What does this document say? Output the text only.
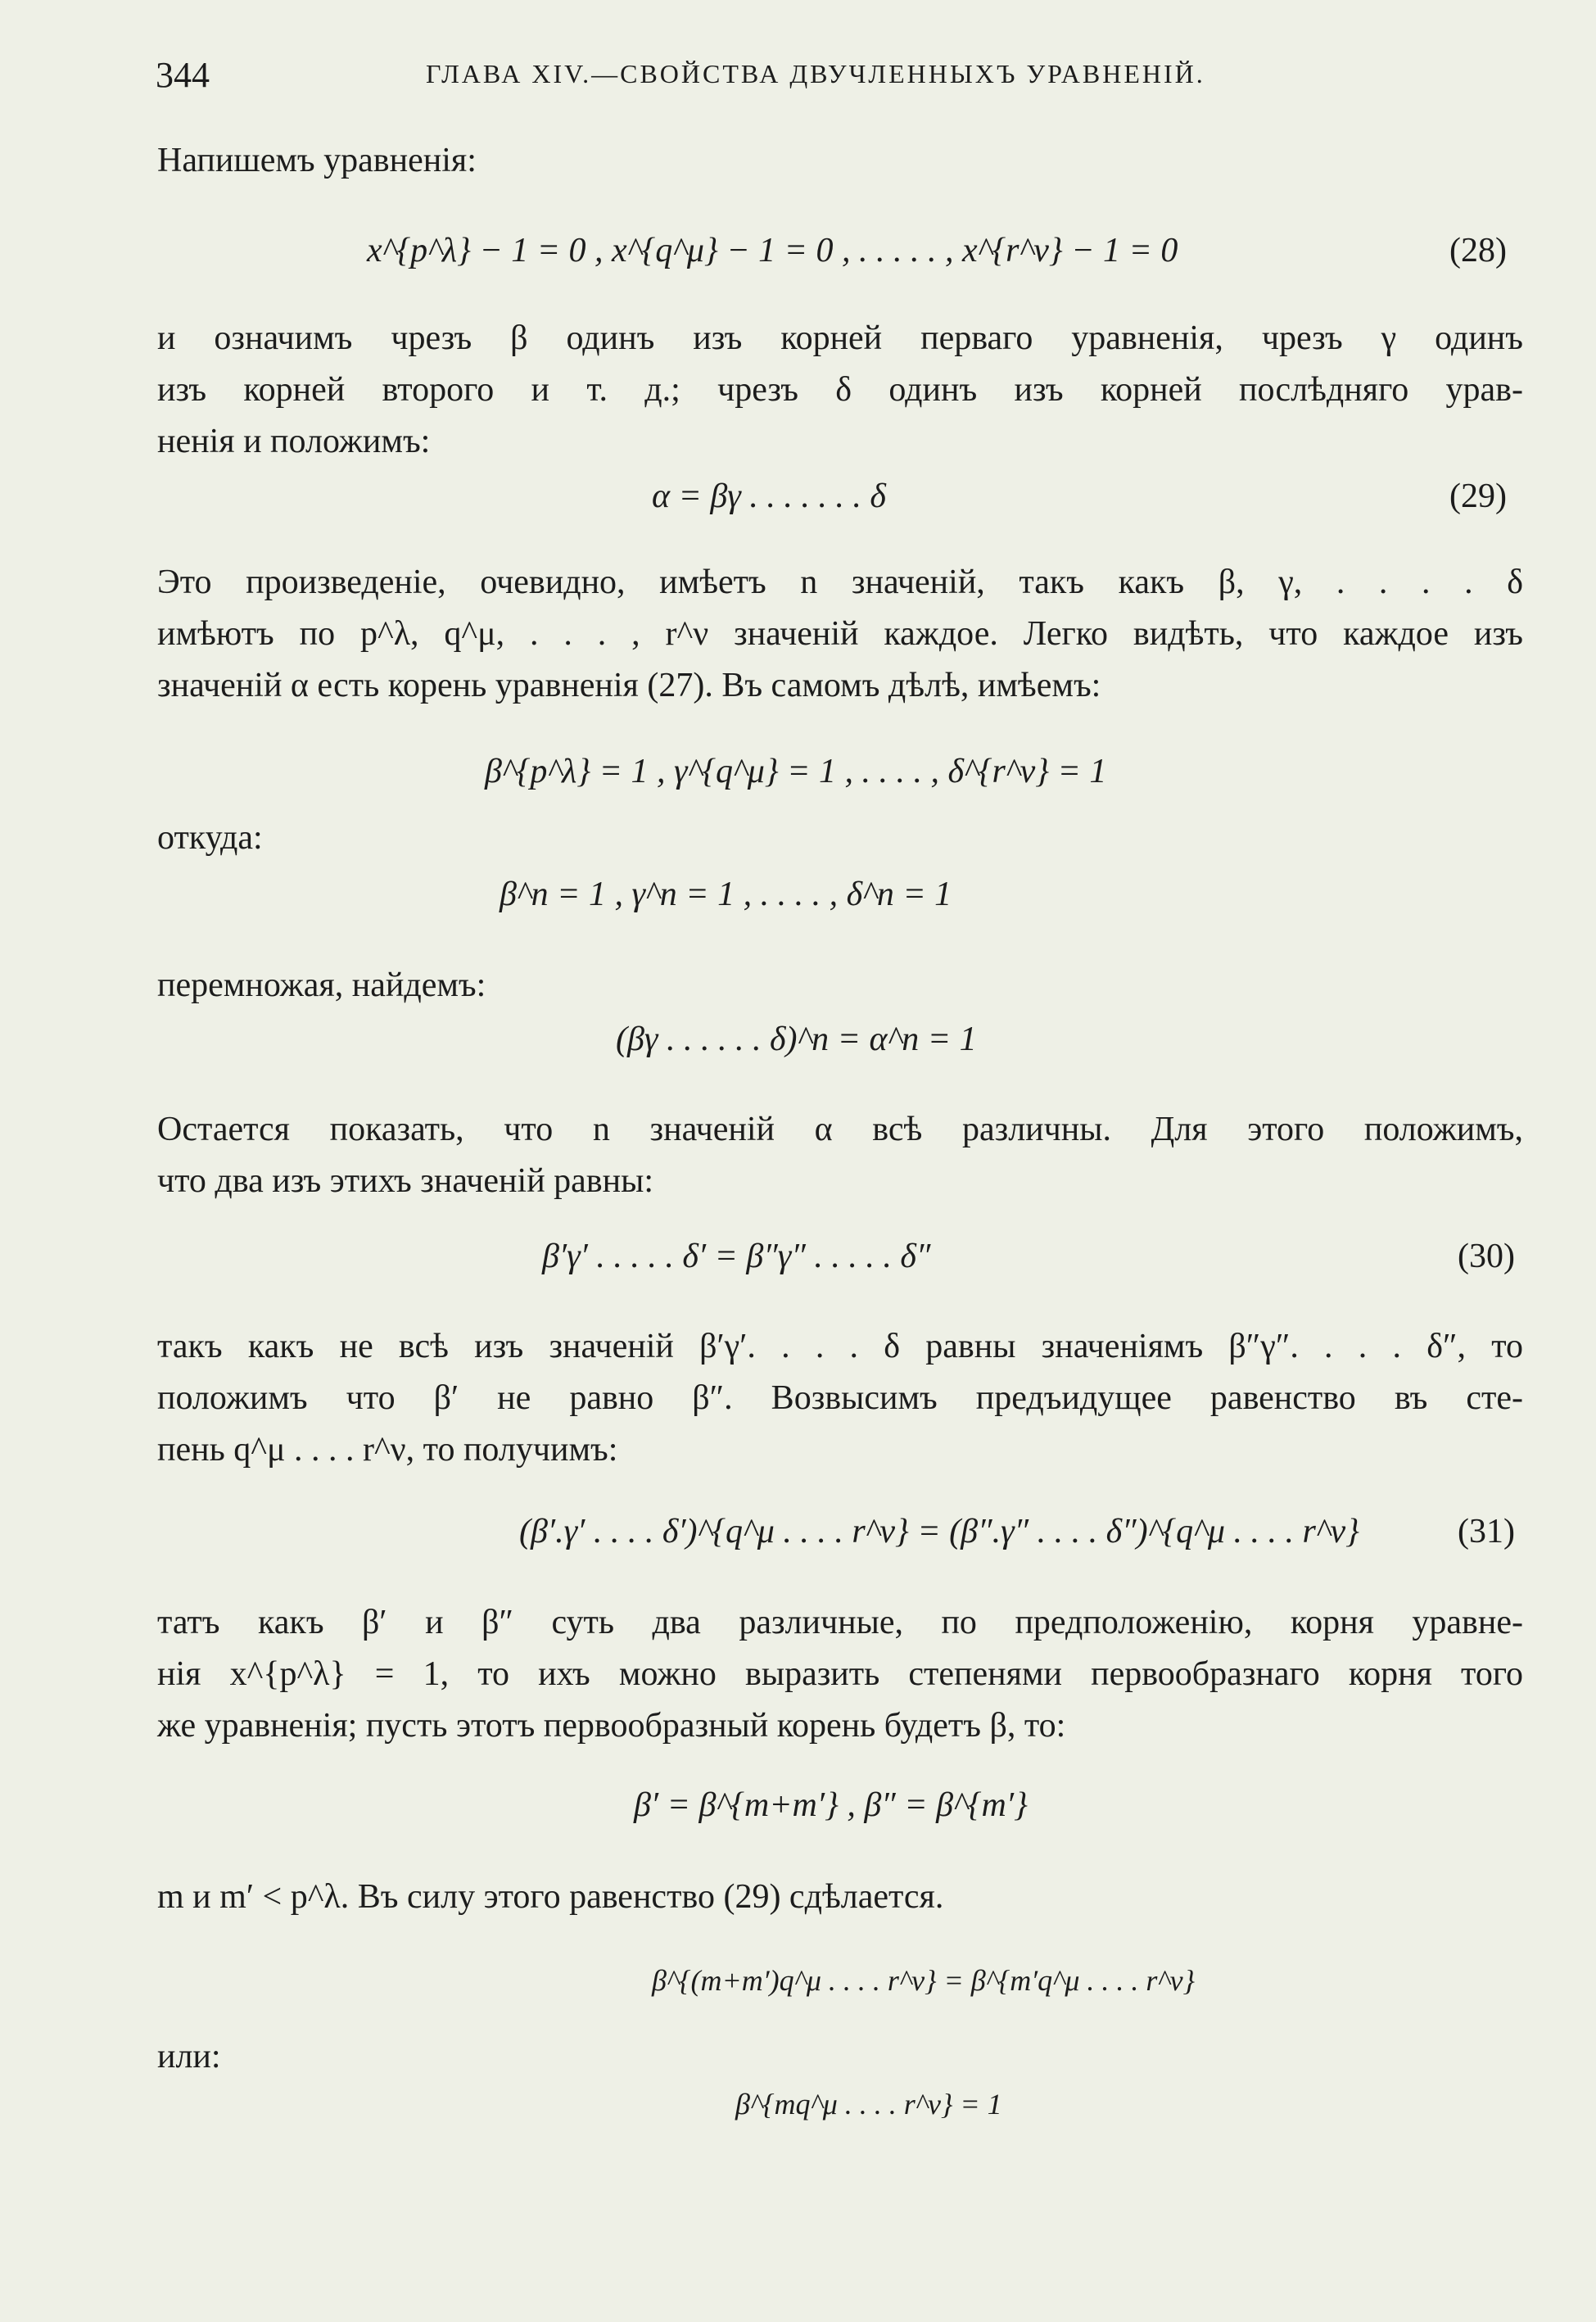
344	ГЛАВА XIV.—СВОЙСТВА ДВУЧЛЕННЫХЪ УРАВНЕНІЙ.
Напишемъ уравненія:
x^{p^λ} − 1 = 0 , x^{q^μ} − 1 = 0 , . . . . . , x^{r^ν} − 1 = 0	(28)
и означимъ чрезъ β одинъ изъ корней перваго уравненія, чрезъ γ одинъ
изъ корней второго и т. д.; чрезъ δ одинъ изъ корней послѣдняго урав-
ненія и положимъ:
α = βγ . . . . . . . δ	(29)
Это произведеніе, очевидно, имѣетъ n значеній, такъ какъ β, γ, . . . . δ
имѣютъ по p^λ, q^μ, . . . , r^ν значеній каждое. Легко видѣть, что каждое изъ
значеній α есть корень уравненія (27). Въ самомъ дѣлѣ, имѣемъ:
β^{p^λ} = 1 , γ^{q^μ} = 1 , . . . . , δ^{r^ν} = 1
откуда:
β^n = 1 , γ^n = 1 , . . . . , δ^n = 1
перемножая, найдемъ:
(βγ . . . . . . δ)^n = α^n = 1
Остается показать, что n значеній α всѣ различны. Для этого положимъ,
что два изъ этихъ значеній равны:
β′γ′ . . . . . δ′ = β″γ″ . . . . . δ″	(30)
такъ какъ не всѣ изъ значеній β′γ′. . . . δ равны значеніямъ β″γ″. . . . δ″, то
положимъ что β′ не равно β″. Возвысимъ предъидущее равенство въ сте-
пень q^μ . . . . r^ν, то получимъ:
(β′.γ′ . . . . δ′)^{q^μ . . . . r^ν} = (β″.γ″ . . . . δ″)^{q^μ . . . . r^ν}	(31)
татъ какъ β′ и β″ суть два различные, по предположенію, корня уравне-
нія x^{p^λ} = 1, то ихъ можно выразить степенями первообразнаго корня того
же уравненія; пусть этотъ первообразный корень будетъ β, то:
β′ = β^{m+m′} , β″ = β^{m′}
m и m′ < p^λ. Въ силу этого равенство (29) сдѣлается.
β^{(m+m′)q^μ . . . . r^ν} = β^{m′q^μ . . . . r^ν}
или:
β^{mq^μ . . . . r^ν} = 1
